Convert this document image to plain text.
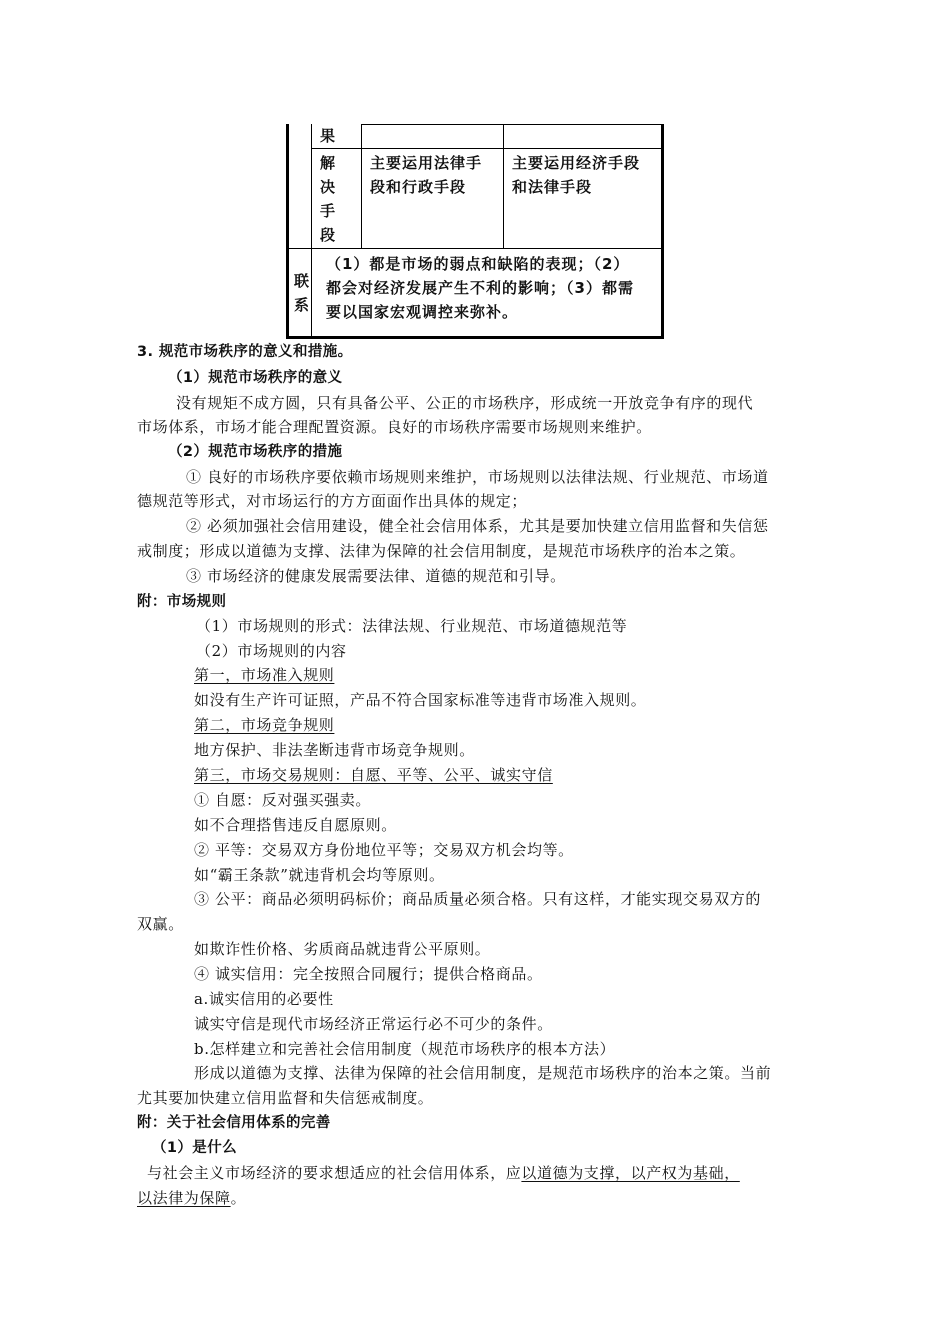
果
解
决
手
段
主要运用法律手
段和行政手段
主要运用经济手段
和法律手段
联
系
（1）都是市场的弱点和缺陷的表现；（2）
都会对经济发展产生不利的影响；（3）都需
要以国家宏观调控来弥补。
3. 规范市场秩序的意义和措施。
（1）规范市场秩序的意义
没有规矩不成方圆，只有具备公平、公正的市场秩序，形成统一开放竞争有序的现代
市场体系，市场才能合理配置资源。良好的市场秩序需要市场规则来维护。
（2）规范市场秩序的措施
① 良好的市场秩序要依赖市场规则来维护，市场规则以法律法规、行业规范、市场道
德规范等形式，对市场运行的方方面面作出具体的规定；
② 必须加强社会信用建设，健全社会信用体系，尤其是要加快建立信用监督和失信惩
戒制度；形成以道德为支撑、法律为保障的社会信用制度，是规范市场秩序的治本之策。
③ 市场经济的健康发展需要法律、道德的规范和引导。
附：市场规则
（1）市场规则的形式：法律法规、行业规范、市场道德规范等
（2）市场规则的内容
第一，市场准入规则
如没有生产许可证照，产品不符合国家标准等违背市场准入规则。
第二，市场竞争规则
地方保护、非法垄断违背市场竞争规则。
第三，市场交易规则：自愿、平等、公平、诚实守信
① 自愿：反对强买强卖。
如不合理搭售违反自愿原则。
② 平等：交易双方身份地位平等；交易双方机会均等。
如“霸王条款”就违背机会均等原则。
③ 公平：商品必须明码标价；商品质量必须合格。只有这样，才能实现交易双方的
双赢。
如欺诈性价格、劣质商品就违背公平原则。
④ 诚实信用：完全按照合同履行；提供合格商品。
a.诚实信用的必要性
诚实守信是现代市场经济正常运行必不可少的条件。
b.怎样建立和完善社会信用制度（规范市场秩序的根本方法）
形成以道德为支撑、法律为保障的社会信用制度，是规范市场秩序的治本之策。当前
尤其要加快建立信用监督和失信惩戒制度。
附：关于社会信用体系的完善
（1）是什么
与社会主义市场经济的要求想适应的社会信用体系，应以道德为支撑，以产权为基础，
以法律为保障。
